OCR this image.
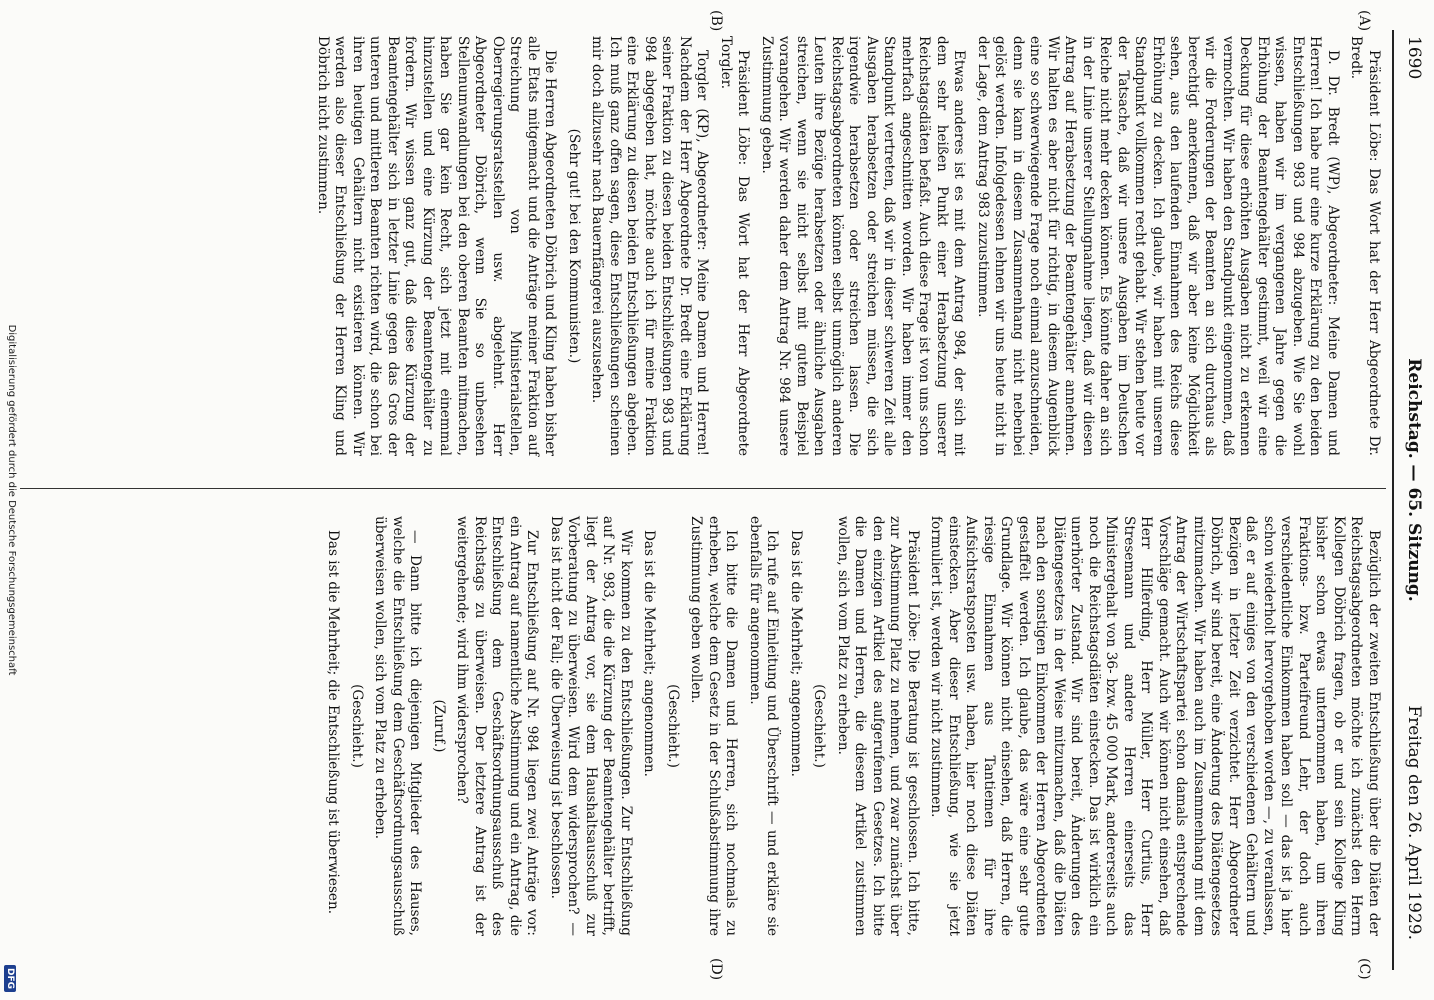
1690
Reichstag. — 65. Sitzung.
Freitag den 26. April 1929.
(A)
(B)
(C)
(D)

Präsident Löbe: Das Wort hat der Herr Abgeordnete Dr. Bredt.

D. Dr. Bredt (WP), Abgeordneter: Meine Damen und Herren! Ich habe nur eine kurze Erklärung zu den beiden Entschließungen 983 und 984 abzugeben. Wie Sie wohl wissen, haben wir im vergangenen Jahre gegen die Erhöhung der Beamtengehälter gestimmt, weil wir eine Deckung für diese erhöhten Ausgaben nicht zu erkennen vermochten. Wir haben den Standpunkt eingenommen, daß wir die Forderungen der Beamten an sich durchaus als berechtigt anerkennen, daß wir aber keine Möglichkeit sehen, aus den laufenden Einnahmen des Reichs diese Erhöhung zu decken. Ich glaube, wir haben mit unserem Standpunkt vollkommen recht gehabt. Wir stehen heute vor der Tatsache, daß wir unsere Ausgaben im Deutschen Reiche nicht mehr decken können. Es könnte daher an sich in der Linie unserer Stellungnahme liegen, daß wir diesen Antrag auf Herabsetzung der Beamtengehälter annehmen. Wir halten es aber nicht für richtig, in diesem Augenblick eine so schwerwiegende Frage noch einmal anzuschneiden, denn sie kann in diesem Zusammenhang nicht nebenbei gelöst werden. Infolgedessen lehnen wir uns heute nicht in der Lage, dem Antrag 983 zuzustimmen.

Etwas anderes ist es mit dem Antrag 984, der sich mit dem sehr heißen Punkt einer Herabsetzung unserer Reichstagsdiäten befaßt. Auch diese Frage ist von uns schon mehrfach angeschnitten worden. Wir haben immer den Standpunkt vertreten, daß wir in dieser schweren Zeit alle Ausgaben herabsetzen oder streichen müssen, die sich irgendwie herabsetzen oder streichen lassen. Die Reichstagsabgeordneten können selbst unmöglich anderen Leuten ihre Bezüge herabsetzen oder ähnliche Ausgaben streichen, wenn sie nicht selbst mit gutem Beispiel vorangehen. Wir werden daher dem Antrag Nr. 984 unsere Zustimmung geben.

Präsident Löbe: Das Wort hat der Herr Abgeordnete Torgler.

Torgler (KP), Abgeordneter: Meine Damen und Herren! Nachdem der Herr Abgeordnete Dr. Bredt eine Erklärung seiner Fraktion zu diesen beiden Entschließungen 983 und 984 abgegeben hat, möchte auch ich für meine Fraktion eine Erklärung zu diesen beiden Entschließungen abgeben. Ich muß ganz offen sagen, diese Entschließungen scheinen mir doch allzusehr nach Bauernfängerei auszusehen.

(Sehr gut! bei den Kommunisten.)

Die Herren Abgeordneten Döbrich und Kling haben bisher alle Etats mitgemacht und die Anträge meiner Fraktion auf Streichung von Ministerialstellen, Oberregierungsratsstellen usw. abgelehnt. Herr Abgeordneter Döbrich, wenn Sie so unbesehen Stellenumwandlungen bei den oberen Beamten mitmachen, haben Sie gar kein Recht, sich jetzt mit einemmal hinzustellen und eine Kürzung der Beamtengehälter zu fordern. Wir wissen ganz gut, daß diese Kürzung der Beamtengehälter sich in letzter Linie gegen das Gros der unteren und mittleren Beamten richten wird, die schon bei ihren heutigen Gehältern nicht existieren können. Wir werden also dieser Entschließung der Herren Kling und Döbrich nicht zustimmen.

Bezüglich der zweiten Entschließung über die Diäten der Reichstagsabgeordneten möchte ich zunächst den Herrn Kollegen Döbrich fragen, ob er und sein Kollege Kling bisher schon etwas unternommen haben, um ihren Fraktions- bzw. Parteifreund Lehr, der doch auch verschiedentliche Einkommen haben soll — das ist ja hier schon wiederholt hervorgehoben worden —, zu veranlassen, daß er auf einiges von den verschiedenen Gehältern und Bezügen in letzter Zeit verzichtet. Herr Abgeordneter Döbrich, wir sind bereit, eine Änderung des Diätengesetzes mitzumachen. Wir haben auch im Zusammenhang mit dem Antrag der Wirtschaftspartei schon damals entsprechende Vorschläge gemacht. Auch wir können nicht einsehen, daß Herr Hilferding, Herr Müller, Herr Curtius, Herr Stresemann und andere Herren einerseits das Ministergehalt von 36- bzw. 45 000 Mark, andererseits auch noch die Reichstagsdiäten einstecken. Das ist wirklich ein unerhörter Zustand. Wir sind bereit, Änderungen des Diätengesetzes in der Weise mitzumachen, daß die Diäten nach den sonstigen Einkommen der Herren Abgeordneten gestaffelt werden. Ich glaube, das wäre eine sehr gute Grundlage. Wir können nicht einsehen, daß Herren, die riesige Einnahmen aus Tantiemen für ihre Aufsichtsratsposten usw. haben, hier noch diese Diäten einstecken. Aber dieser Entschließung, wie sie jetzt formuliert ist, werden wir nicht zustimmen.

Präsident Löbe: Die Beratung ist geschlossen. Ich bitte, zur Abstimmung Platz zu nehmen, und zwar zunächst über den einzigen Artikel des aufgerufenen Gesetzes. Ich bitte die Damen und Herren, die diesem Artikel zustimmen wollen, sich vom Platz zu erheben.

(Geschieht.)

Das ist die Mehrheit; angenommen.

Ich rufe auf Einleitung und Überschrift — und erkläre sie ebenfalls für angenommen.

Ich bitte die Damen und Herren, sich nochmals zu erheben, welche dem Gesetz in der Schlußabstimmung ihre Zustimmung geben wollen.

(Geschieht.)

Das ist die Mehrheit; angenommen.

Wir kommen zu den Entschließungen. Zur Entschließung auf Nr. 983, die die Kürzung der Beamtengehälter betrifft, liegt der Antrag vor, sie dem Haushaltsausschuß zur Vorberatung zu überweisen. Wird dem widersprochen? — Das ist nicht der Fall; die Überweisung ist beschlossen.

Zur Entschließung auf Nr. 984 liegen zwei Anträge vor: ein Antrag auf namentliche Abstimmung und ein Antrag, die Entschließung dem Geschäftsordnungsausschuß des Reichstags zu überweisen. Der letztere Antrag ist der weitergehende; wird ihm widersprochen?

(Zuruf.)

— Dann bitte ich diejenigen Mitglieder des Hauses, welche die Entschließung dem Geschäftsordnungsausschuß überweisen wollen, sich vom Platz zu erheben.

(Geschieht.)

Das ist die Mehrheit; die Entschließung ist überwiesen.

Digitalisierung gefördert durch die Deutsche Forschungsgemeinschaft
DFG
